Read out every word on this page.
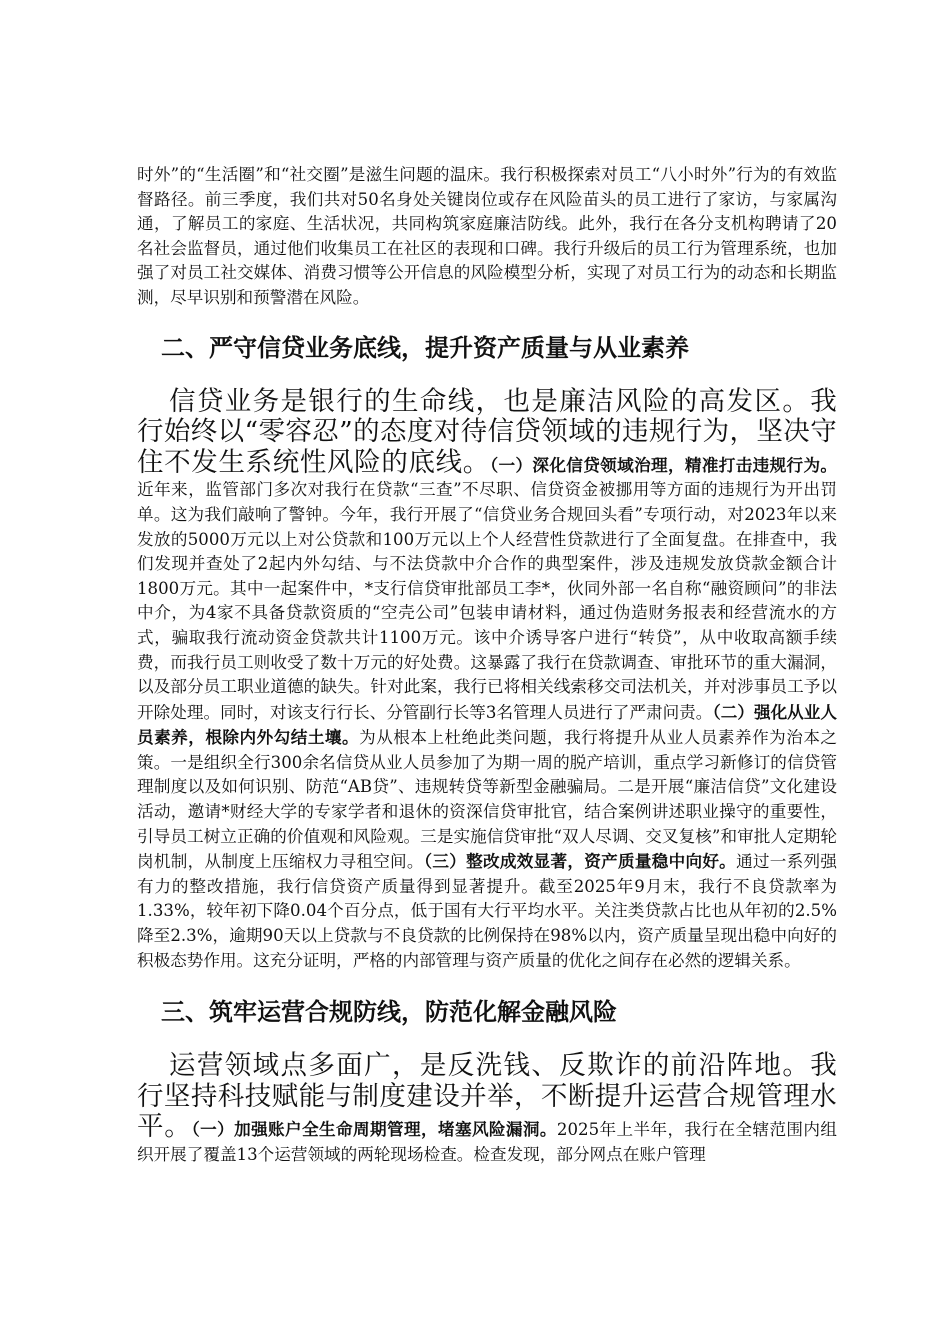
时外”的“生活圈”和“社交圈”是滋生问题的温床。我行积极探索对员工“八小时外”行为的有效监督路径。前三季度，我们共对50名身处关键岗位或存在风险苗头的员工进行了家访，与家属沟通，了解员工的家庭、生活状况，共同构筑家庭廉洁防线。此外，我行在各分支机构聘请了20名社会监督员，通过他们收集员工在社区的表现和口碑。我行升级后的员工行为管理系统，也加强了对员工社交媒体、消费习惯等公开信息的风险模型分析，实现了对员工行为的动态和长期监测，尽早识别和预警潜在风险。

二、严守信贷业务底线，提升资产质量与从业素养

信贷业务是银行的生命线，也是廉洁风险的高发区。我行始终以“零容忍”的态度对待信贷领域的违规行为，坚决守住不发生系统性风险的底线。（一）深化信贷领域治理，精准打击违规行为。近年来，监管部门多次对我行在贷款“三查”不尽职、信贷资金被挪用等方面的违规行为开出罚单。这为我们敲响了警钟。今年，我行开展了“信贷业务合规回头看”专项行动，对2023年以来发放的5000万元以上对公贷款和100万元以上个人经营性贷款进行了全面复盘。在排查中，我们发现并查处了2起内外勾结、与不法贷款中介合作的典型案件，涉及违规发放贷款金额合计1800万元。其中一起案件中，*支行信贷审批部员工李*，伙同外部一名自称“融资顾问”的非法中介，为4家不具备贷款资质的“空壳公司”包装申请材料，通过伪造财务报表和经营流水的方式，骗取我行流动资金贷款共计1100万元。该中介诱导客户进行“转贷”，从中收取高额手续费，而我行员工则收受了数十万元的好处费。这暴露了我行在贷款调查、审批环节的重大漏洞，以及部分员工职业道德的缺失。针对此案，我行已将相关线索移交司法机关，并对涉事员工予以开除处理。同时，对该支行行长、分管副行长等3名管理人员进行了严肃问责。（二）强化从业人员素养，根除内外勾结土壤。为从根本上杜绝此类问题，我行将提升从业人员素养作为治本之策。一是组织全行300余名信贷从业人员参加了为期一周的脱产培训，重点学习新修订的信贷管理制度以及如何识别、防范“AB贷”、违规转贷等新型金融骗局。二是开展“廉洁信贷”文化建设活动，邀请*财经大学的专家学者和退休的资深信贷审批官，结合案例讲述职业操守的重要性，引导员工树立正确的价值观和风险观。三是实施信贷审批“双人尽调、交叉复核”和审批人定期轮岗机制，从制度上压缩权力寻租空间。（三）整改成效显著，资产质量稳中向好。通过一系列强有力的整改措施，我行信贷资产质量得到显著提升。截至2025年9月末，我行不良贷款率为1.33%，较年初下降0.04个百分点，低于国有大行平均水平。关注类贷款占比也从年初的2.5%降至2.3%，逾期90天以上贷款与不良贷款的比例保持在98%以内，资产质量呈现出稳中向好的积极态势作用。这充分证明，严格的内部管理与资产质量的优化之间存在必然的逻辑关系。

三、筑牢运营合规防线，防范化解金融风险

运营领域点多面广，是反洗钱、反欺诈的前沿阵地。我行坚持科技赋能与制度建设并举，不断提升运营合规管理水平。（一）加强账户全生命周期管理，堵塞风险漏洞。2025年上半年，我行在全辖范围内组织开展了覆盖13个运营领域的两轮现场检查。检查发现，部分网点在账户管理
